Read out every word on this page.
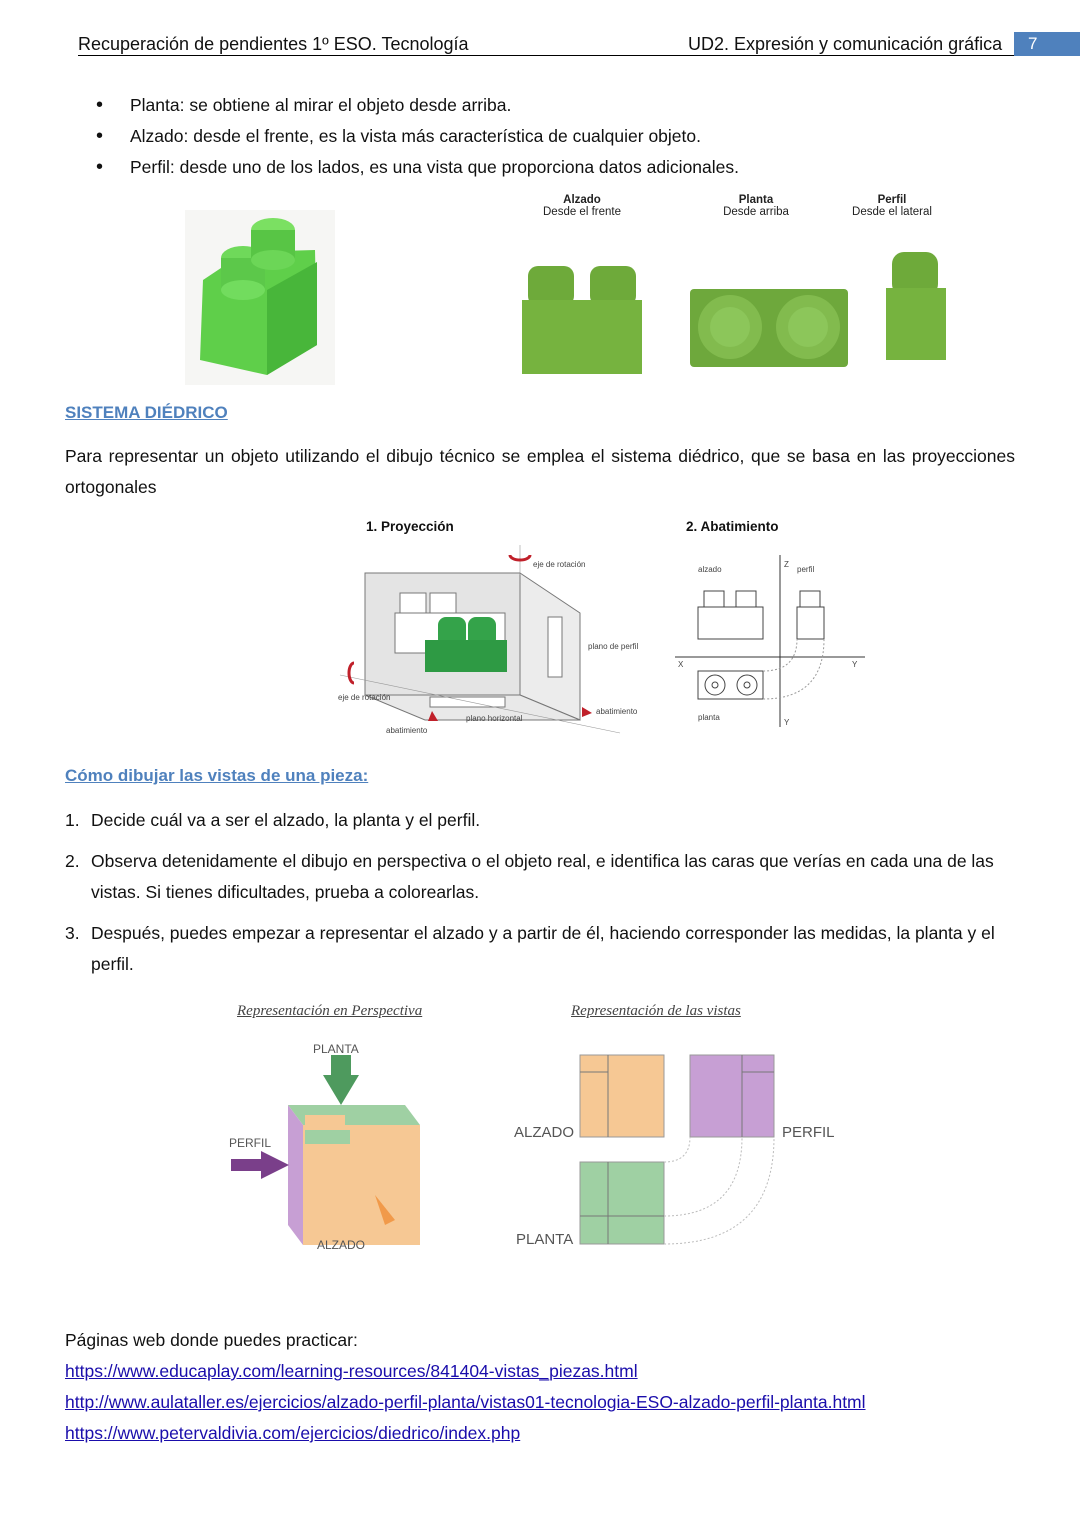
Recuperación de pendientes 1º ESO. Tecnología	UD2. Expresión y comunicación gráfica	7
• Planta: se obtiene al mirar el objeto desde arriba.
• Alzado: desde el frente, es la vista más característica de cualquier objeto.
• Perfil: desde uno de los lados, es una vista que proporciona datos adicionales.
Alzado
Desde el frente
Planta
Desde arriba
Perfil
Desde el lateral
SISTEMA DIÉDRICO

Para representar un objeto utilizando el dibujo técnico se emplea el sistema diédrico, que se basa en las proyecciones ortogonales

1. Proyección
eje de rotación
plano de perfil
eje de rotación
plano horizontal
abatimiento
abatimiento
2. Abatimiento
alzado	perfil
Z
X	Y
Y
planta
Cómo dibujar las vistas de una pieza:
1. Decide cuál va a ser el alzado, la planta y el perfil.
2. Observa detenidamente el dibujo en perspectiva o el objeto real, e identifica las caras que verías en cada una de las vistas. Si tienes dificultades, prueba a colorearlas.
3. Después, puedes empezar a representar el alzado y a partir de él, haciendo corresponder las medidas, la planta y el perfil.
Representación en Perspectiva	Representación de las vistas
PLANTA
PERFIL
ALZADO
ALZADO	PERFIL
PLANTA
Páginas web donde puedes practicar:
https://www.educaplay.com/learning-resources/841404-vistas_piezas.html
http://www.aulataller.es/ejercicios/alzado-perfil-planta/vistas01-tecnologia-ESO-alzado-perfil-planta.html
https://www.petervaldivia.com/ejercicios/diedrico/index.php
